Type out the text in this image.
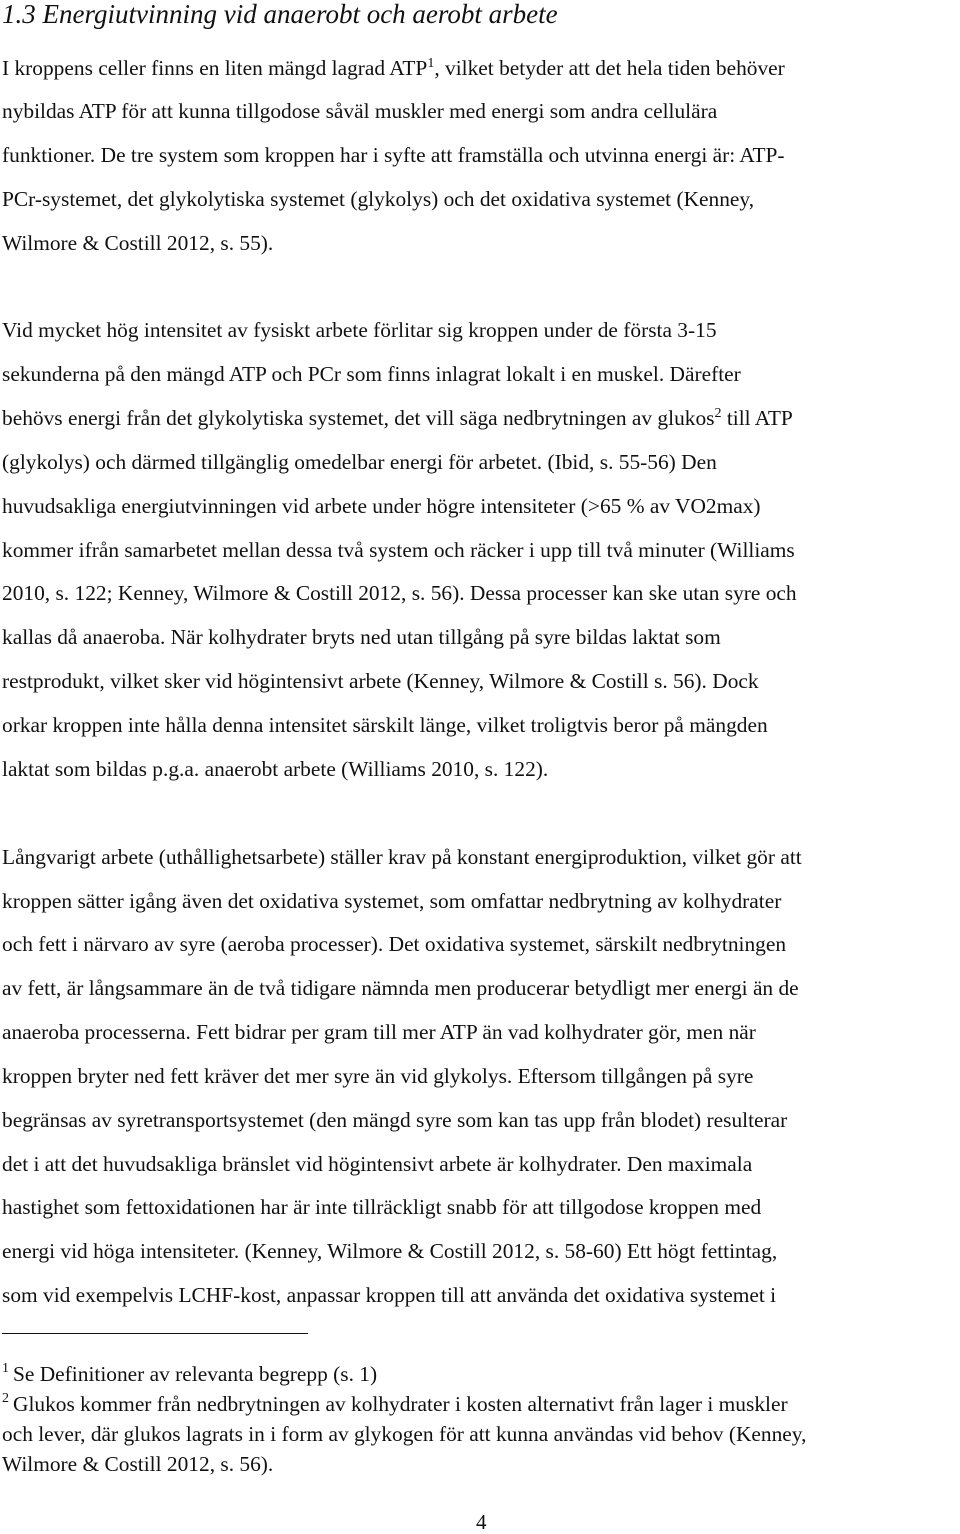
1.3 Energiutvinning vid anaerobt och aerobt arbete
I kroppens celler finns en liten mängd lagrad ATP$^1$, vilket betyder att det hela tiden behöver
nybildas ATP för att kunna tillgodose såväl muskler med energi som andra cellulära
funktioner. De tre system som kroppen har i syfte att framställa och utvinna energi är: ATP-
PCr-systemet, det glykolytiska systemet (glykolys) och det oxidativa systemet (Kenney,
Wilmore & Costill 2012, s. 55).
Vid mycket hög intensitet av fysiskt arbete förlitar sig kroppen under de första 3-15
sekunderna på den mängd ATP och PCr som finns inlagrat lokalt i en muskel. Därefter
behövs energi från det glykolytiska systemet, det vill säga nedbrytningen av glukos$^2$ till ATP
(glykolys) och därmed tillgänglig omedelbar energi för arbetet. (Ibid, s. 55-56) Den
huvudsakliga energiutvinningen vid arbete under högre intensiteter (>65 % av VO2max)
kommer ifrån samarbetet mellan dessa två system och räcker i upp till två minuter (Williams
2010, s. 122; Kenney, Wilmore & Costill 2012, s. 56). Dessa processer kan ske utan syre och
kallas då anaeroba. När kolhydrater bryts ned utan tillgång på syre bildas laktat som
restprodukt, vilket sker vid högintensivt arbete (Kenney, Wilmore & Costill s. 56). Dock
orkar kroppen inte hålla denna intensitet särskilt länge, vilket troligtvis beror på mängden
laktat som bildas p.g.a. anaerobt arbete (Williams 2010, s. 122).
Långvarigt arbete (uthållighetsarbete) ställer krav på konstant energiproduktion, vilket gör att
kroppen sätter igång även det oxidativa systemet, som omfattar nedbrytning av kolhydrater
och fett i närvaro av syre (aeroba processer). Det oxidativa systemet, särskilt nedbrytningen
av fett, är långsammare än de två tidigare nämnda men producerar betydligt mer energi än de
anaeroba processerna. Fett bidrar per gram till mer ATP än vad kolhydrater gör, men när
kroppen bryter ned fett kräver det mer syre än vid glykolys. Eftersom tillgången på syre
begränsas av syretransportsystemet (den mängd syre som kan tas upp från blodet) resulterar
det i att det huvudsakliga bränslet vid högintensivt arbete är kolhydrater. Den maximala
hastighet som fettoxidationen har är inte tillräckligt snabb för att tillgodose kroppen med
energi vid höga intensiteter. (Kenney, Wilmore & Costill 2012, s. 58-60) Ett högt fettintag,
som vid exempelvis LCHF-kost, anpassar kroppen till att använda det oxidativa systemet i
$^1$ Se Definitioner av relevanta begrepp (s. 1)
$^2$ Glukos kommer från nedbrytningen av kolhydrater i kosten alternativt från lager i muskler
och lever, där glukos lagrats in i form av glykogen för att kunna användas vid behov (Kenney,
Wilmore & Costill 2012, s. 56).
4
